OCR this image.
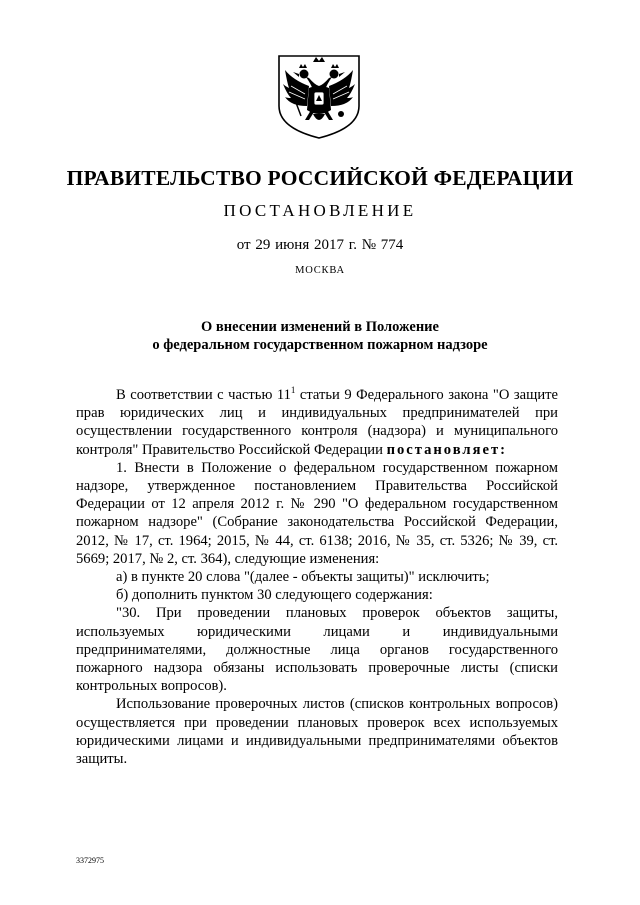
ПРАВИТЕЛЬСТВО РОССИЙСКОЙ ФЕДЕРАЦИИ
ПОСТАНОВЛЕНИЕ
от 29 июня 2017 г. № 774
МОСКВА
О внесении изменений в Положение
о федеральном государственном пожарном надзоре

В соответствии с частью $11^1$ статьи 9 Федерального закона "О защите прав юридических лиц и индивидуальных предпринимателей при осуществлении государственного контроля (надзора) и муниципального контроля" Правительство Российской Федерации постановляет:

1. Внести в Положение о федеральном государственном пожарном надзоре, утвержденное постановлением Правительства Российской Федерации от 12 апреля 2012 г. № 290 "О федеральном государственном пожарном надзоре" (Собрание законодательства Российской Федерации, 2012, № 17, ст. 1964; 2015, № 44, ст. 6138; 2016, № 35, ст. 5326; № 39, ст. 5669; 2017, № 2, ст. 364), следующие изменения:

а) в пункте 20 слова "(далее - объекты защиты)" исключить;

б) дополнить пунктом 30 следующего содержания:

"30. При проведении плановых проверок объектов защиты, используемых юридическими лицами и индивидуальными предпринимателями, должностные лица органов государственного пожарного надзора обязаны использовать проверочные листы (списки контрольных вопросов).

Использование проверочных листов (списков контрольных вопросов) осуществляется при проведении плановых проверок всех используемых юридическими лицами и индивидуальными предпринимателями объектов защиты.

3372975
